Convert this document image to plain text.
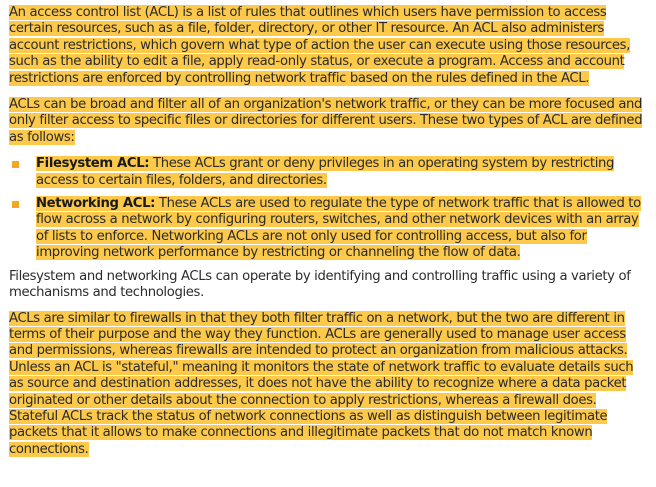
An access control list (ACL) is a list of rules that outlines which users have permission to access certain resources, such as a file, folder, directory, or other IT resource. An ACL also administers account restrictions, which govern what type of action the user can execute using those resources, such as the ability to edit a file, apply read-only status, or execute a program. Access and account restrictions are enforced by controlling network traffic based on the rules defined in the ACL.

ACLs can be broad and filter all of an organization's network traffic, or they can be more focused and only filter access to specific files or directories for different users. These two types of ACL are defined as follows:

Filesystem ACL: These ACLs grant or deny privileges in an operating system by restricting access to certain files, folders, and directories.
Networking ACL: These ACLs are used to regulate the type of network traffic that is allowed to flow across a network by configuring routers, switches, and other network devices with an array of lists to enforce. Networking ACLs are not only used for controlling access, but also for improving network performance by restricting or channeling the flow of data.

Filesystem and networking ACLs can operate by identifying and controlling traffic using a variety of mechanisms and technologies.

ACLs are similar to firewalls in that they both filter traffic on a network, but the two are different in terms of their purpose and the way they function. ACLs are generally used to manage user access and permissions, whereas firewalls are intended to protect an organization from malicious attacks. Unless an ACL is "stateful," meaning it monitors the state of network traffic to evaluate details such as source and destination addresses, it does not have the ability to recognize where a data packet originated or other details about the connection to apply restrictions, whereas a firewall does. Stateful ACLs track the status of network connections as well as distinguish between legitimate packets that it allows to make connections and illegitimate packets that do not match known connections.
